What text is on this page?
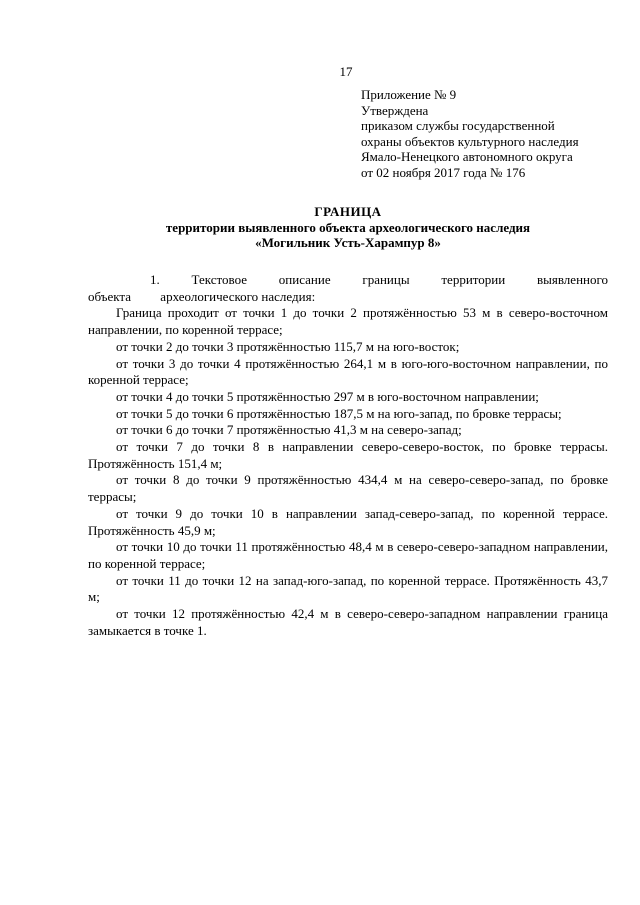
17
Приложение № 9
Утверждена
приказом службы государственной
охраны объектов культурного наследия
Ямало-Ненецкого автономного округа
от 02 ноября 2017 года № 176
ГРАНИЦА
территории выявленного объекта археологического наследия
«Могильник Усть-Харампур 8»

1. Текстовое описание границы территории выявленного объекта археологического наследия:

Граница проходит от точки 1 до точки 2 протяжённостью 53 м в северо-восточном направлении, по коренной террасе;

от точки 2 до точки 3 протяжённостью 115,7 м на юго-восток;

от точки 3 до точки 4 протяжённостью 264,1 м в юго-юго-восточном направлении, по коренной террасе;

от точки 4 до точки 5 протяжённостью 297 м в юго-восточном направлении;

от точки 5 до точки 6 протяжённостью 187,5 м на юго-запад, по бровке террасы;

от точки 6 до точки 7 протяжённостью 41,3 м на северо-запад;

от точки 7 до точки 8 в направлении северо-северо-восток, по бровке террасы. Протяжённость 151,4 м;

от точки 8 до точки 9 протяжённостью 434,4 м на северо-северо-запад, по бровке террасы;

от точки 9 до точки 10 в направлении запад-северо-запад, по коренной террасе. Протяжённость 45,9 м;

от точки 10 до точки 11 протяжённостью 48,4 м в северо-северо-западном направлении, по коренной террасе;

от точки 11 до точки 12 на запад-юго-запад, по коренной террасе. Протяжённость 43,7 м;

от точки 12 протяжённостью 42,4 м в северо-северо-западном направлении граница замыкается в точке 1.
